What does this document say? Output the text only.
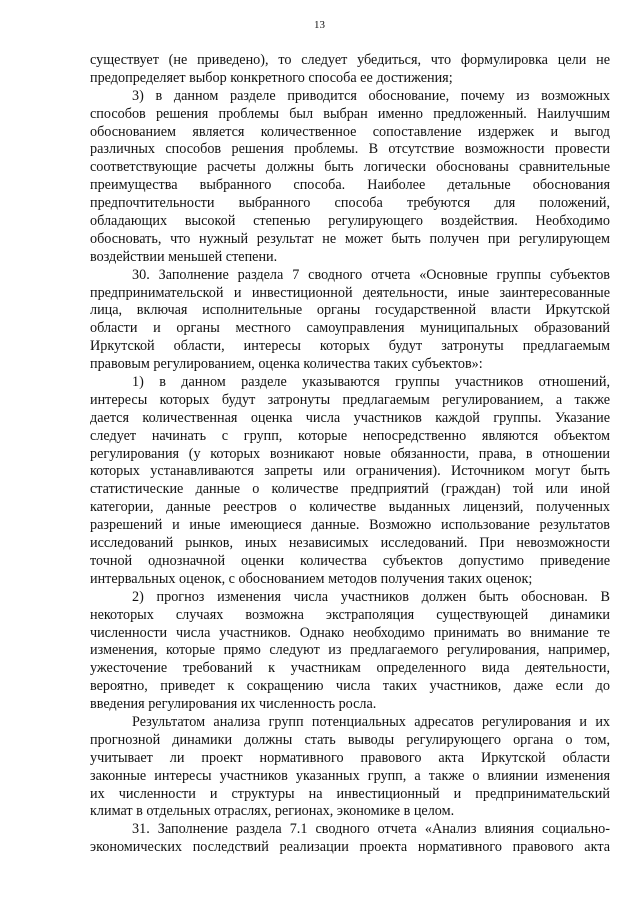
13
существует (не приведено), то следует убедиться, что формулировка цели не
предопределяет выбор конкретного способа ее достижения;
3) в данном разделе приводится обоснование, почему из возможных
способов решения проблемы был выбран именно предложенный. Наилучшим
обоснованием является количественное сопоставление издержек и выгод
различных способов решения проблемы. В отсутствие возможности провести
соответствующие расчеты должны быть логически обоснованы сравнительные
преимущества выбранного способа. Наиболее детальные обоснования
предпочтительности выбранного способа требуются для положений,
обладающих высокой степенью регулирующего воздействия. Необходимо
обосновать, что нужный результат не может быть получен при регулирующем
воздействии меньшей степени.
30. Заполнение раздела 7 сводного отчета «Основные группы субъектов
предпринимательской и инвестиционной деятельности, иные заинтересованные
лица, включая исполнительные органы государственной власти Иркутской
области и органы местного самоуправления муниципальных образований
Иркутской области, интересы которых будут затронуты предлагаемым
правовым регулированием, оценка количества таких субъектов»:
1) в данном разделе указываются группы участников отношений,
интересы которых будут затронуты предлагаемым регулированием, а также
дается количественная оценка числа участников каждой группы. Указание
следует начинать с групп, которые непосредственно являются объектом
регулирования (у которых возникают новые обязанности, права, в отношении
которых устанавливаются запреты или ограничения). Источником могут быть
статистические данные о количестве предприятий (граждан) той или иной
категории, данные реестров о количестве выданных лицензий, полученных
разрешений и иные имеющиеся данные. Возможно использование результатов
исследований рынков, иных независимых исследований. При невозможности
точной однозначной оценки количества субъектов допустимо приведение
интервальных оценок, с обоснованием методов получения таких оценок;
2) прогноз изменения числа участников должен быть обоснован. В
некоторых случаях возможна экстраполяция существующей динамики
численности числа участников. Однако необходимо принимать во внимание те
изменения, которые прямо следуют из предлагаемого регулирования, например,
ужесточение требований к участникам определенного вида деятельности,
вероятно, приведет к сокращению числа таких участников, даже если до
введения регулирования их численность росла.
Результатом анализа групп потенциальных адресатов регулирования и их
прогнозной динамики должны стать выводы регулирующего органа о том,
учитывает ли проект нормативного правового акта Иркутской области
законные интересы участников указанных групп, а также о влиянии изменения
их численности и структуры на инвестиционный и предпринимательский
климат в отдельных отраслях, регионах, экономике в целом.
31. Заполнение раздела 7.1 сводного отчета «Анализ влияния социально-
экономических последствий реализации проекта нормативного правового акта
